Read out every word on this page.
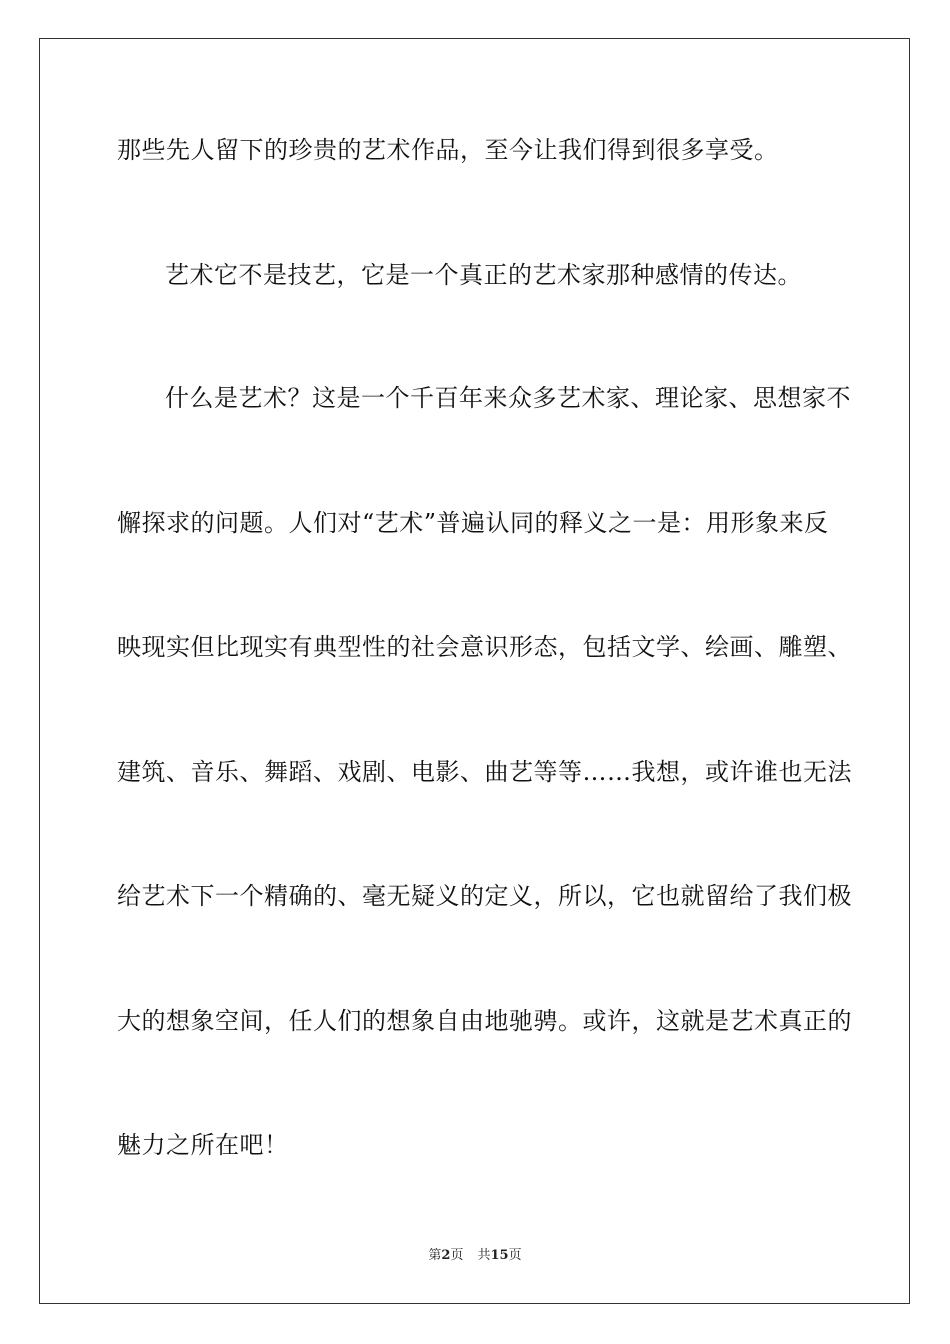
那些先人留下的珍贵的艺术作品，至今让我们得到很多享受。
艺术它不是技艺，它是一个真正的艺术家那种感情的传达。
什么是艺术？这是一个千百年来众多艺术家、理论家、思想家不
懈探求的问题。人们对“艺术”普遍认同的释义之一是：用形象来反
映现实但比现实有典型性的社会意识形态，包括文学、绘画、雕塑、
建筑、音乐、舞蹈、戏剧、电影、曲艺等等……我想，或许谁也无法
给艺术下一个精确的、毫无疑义的定义，所以，它也就留给了我们极
大的想象空间，任人们的想象自由地驰骋。或许，这就是艺术真正的
魅力之所在吧！
第2页 共15页
